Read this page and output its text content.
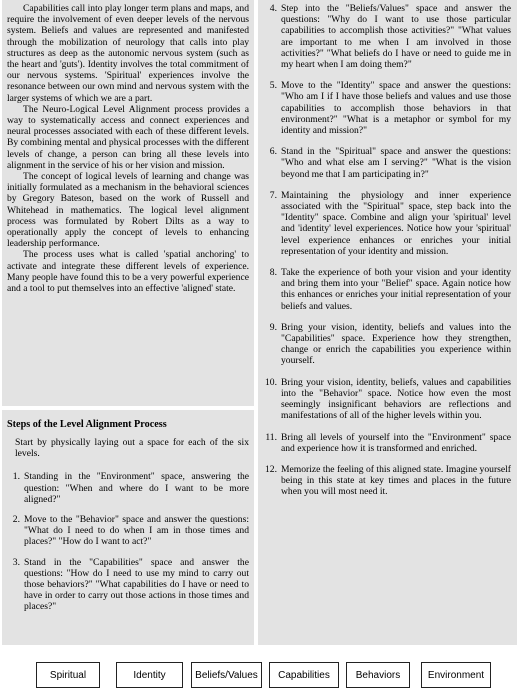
Capabilities call into play longer term plans and maps, and require the involvement of even deeper levels of the nervous system. Beliefs and values are represented and manifested through the mobilization of neurology that calls into play structures as deep as the autonomic nervous system (such as the heart and 'guts'). Identity involves the total commitment of our nervous systems. 'Spiritual' experiences involve the resonance between our own mind and nervous system with the larger systems of which we are a part.

The Neuro-Logical Level Alignment process provides a way to systematically access and connect experiences and neural processes associated with each of these different levels. By combining mental and physical processes with the different levels of change, a person can bring all these levels into alignment in the service of his or her vision and mission.

The concept of logical levels of learning and change was initially formulated as a mechanism in the behavioral sciences by Gregory Bateson, based on the work of Russell and Whitehead in mathematics. The logical level alignment process was formulated by Robert Dilts as a way to operationally apply the concept of levels to enhancing leadership performance.

The process uses what is called 'spatial anchoring' to activate and integrate these different levels of experience. Many people have found this to be a very powerful experience and a tool to put themselves into an effective 'aligned' state.

Steps of the Level Alignment Process

Start by physically laying out a space for each of the six levels.

1. Standing in the "Environment" space, answering the question: "When and where do I want to be more aligned?"
2. Move to the "Behavior" space and answer the questions: "What do I need to do when I am in those times and places?" "How do I want to act?"
3. Stand in the "Capabilities" space and answer the questions: "How do I need to use my mind to carry out those behaviors?" "What capabilities do I have or need to have in order to carry out those actions in those times and places?"
4. Step into the "Beliefs/Values" space and answer the questions: "Why do I want to use those particular capabilities to accomplish those activities?" "What values are important to me when I am involved in those activities?" "What beliefs do I have or need to guide me in my heart when I am doing them?"
5. Move to the "Identity" space and answer the questions: "Who am I if I have those beliefs and values and use those capabilities to accomplish those behaviors in that environment?" "What is a metaphor or symbol for my identity and mission?"
6. Stand in the "Spiritual" space and answer the questions: "Who and what else am I serving?" "What is the vision beyond me that I am participating in?"
7. Maintaining the physiology and inner experience associated with the "Spiritual" space, step back into the "Identity" space. Combine and align your 'spiritual' level and 'identity' level experiences. Notice how your 'spiritual' level experience enhances or enriches your initial representation of your identity and mission.
8. Take the experience of both your vision and your identity and bring them into your "Belief" space. Again notice how this enhances or enriches your initial representation of your beliefs and values.
9. Bring your vision, identity, beliefs and values into the "Capabilities" space. Experience how they strengthen, change or enrich the capabilities you experience within yourself.
10. Bring your vision, identity, beliefs, values and capabilities into the "Behavior" space. Notice how even the most seemingly insignificant behaviors are reflections and manifestations of all of the higher levels within you.
11. Bring all levels of yourself into the "Environment" space and experience how it is transformed and enriched.
12. Memorize the feeling of this aligned state. Imagine yourself being in this state at key times and places in the future when you will most need it.
Spiritual	Identity	Beliefs/Values	Capabilities	Behaviors	Environment
